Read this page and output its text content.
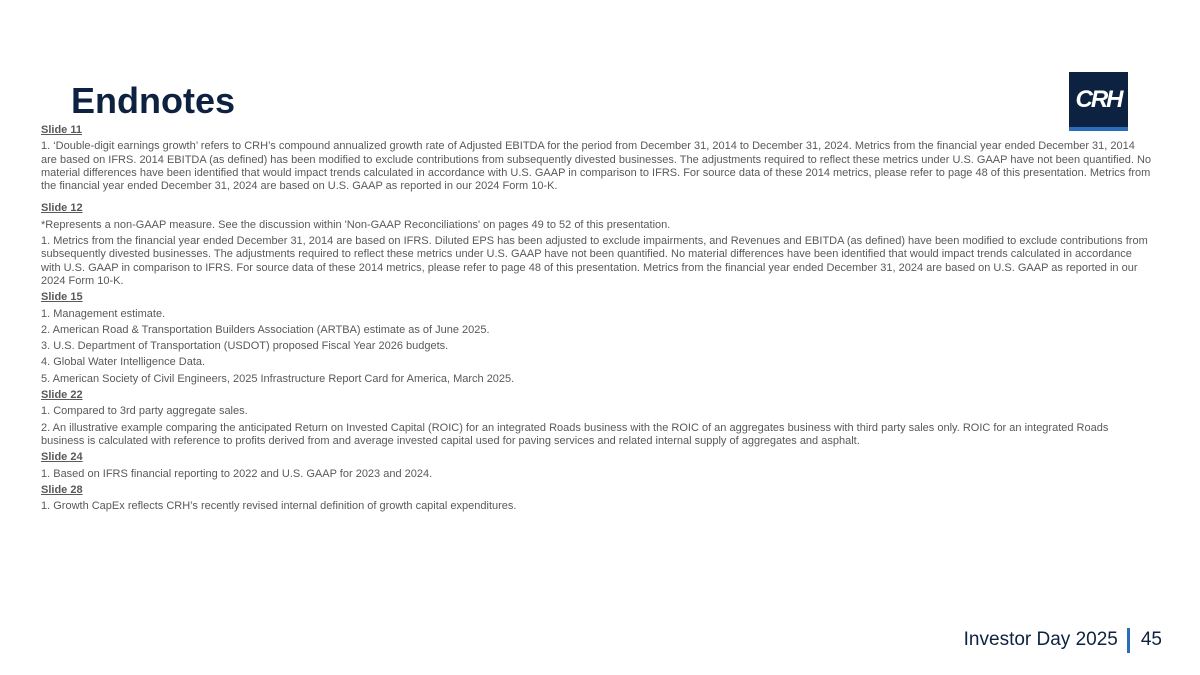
Endnotes	CRH
Slide 11
1. ‘Double-digit earnings growth’ refers to CRH’s compound annualized growth rate of Adjusted EBITDA for the period from December 31, 2014 to December 31, 2024. Metrics from the financial year ended December 31, 2014 are based on IFRS. 2014 EBITDA (as defined) has been modified to exclude contributions from subsequently divested businesses. The adjustments required to reflect these metrics under U.S. GAAP have not been quantified. No material differences have been identified that would impact trends calculated in accordance with U.S. GAAP in comparison to IFRS. For source data of these 2014 metrics, please refer to page 48 of this presentation. Metrics from the financial year ended December 31, 2024 are based on U.S. GAAP as reported in our 2024 Form 10-K.
Slide 12
*Represents a non-GAAP measure. See the discussion within 'Non-GAAP Reconciliations' on pages 49 to 52 of this presentation.
1. Metrics from the financial year ended December 31, 2014 are based on IFRS. Diluted EPS has been adjusted to exclude impairments, and Revenues and EBITDA (as defined) have been modified to exclude contributions from subsequently divested businesses. The adjustments required to reflect these metrics under U.S. GAAP have not been quantified. No material differences have been identified that would impact trends calculated in accordance with U.S. GAAP in comparison to IFRS. For source data of these 2014 metrics, please refer to page 48 of this presentation. Metrics from the financial year ended December 31, 2024 are based on U.S. GAAP as reported in our 2024 Form 10-K.
Slide 15
1. Management estimate.
2. American Road & Transportation Builders Association (ARTBA) estimate as of June 2025.
3. U.S. Department of Transportation (USDOT) proposed Fiscal Year 2026 budgets.
4. Global Water Intelligence Data.
5. American Society of Civil Engineers, 2025 Infrastructure Report Card for America, March 2025.
Slide 22
1. Compared to 3rd party aggregate sales.
2. An illustrative example comparing the anticipated Return on Invested Capital (ROIC) for an integrated Roads business with the ROIC of an aggregates business with third party sales only. ROIC for an integrated Roads business is calculated with reference to profits derived from and average invested capital used for paving services and related internal supply of aggregates and asphalt.
Slide 24
1. Based on IFRS financial reporting to 2022 and U.S. GAAP for 2023 and 2024.
Slide 28
1. Growth CapEx reflects CRH’s recently revised internal definition of growth capital expenditures.
Investor Day 2025 45
